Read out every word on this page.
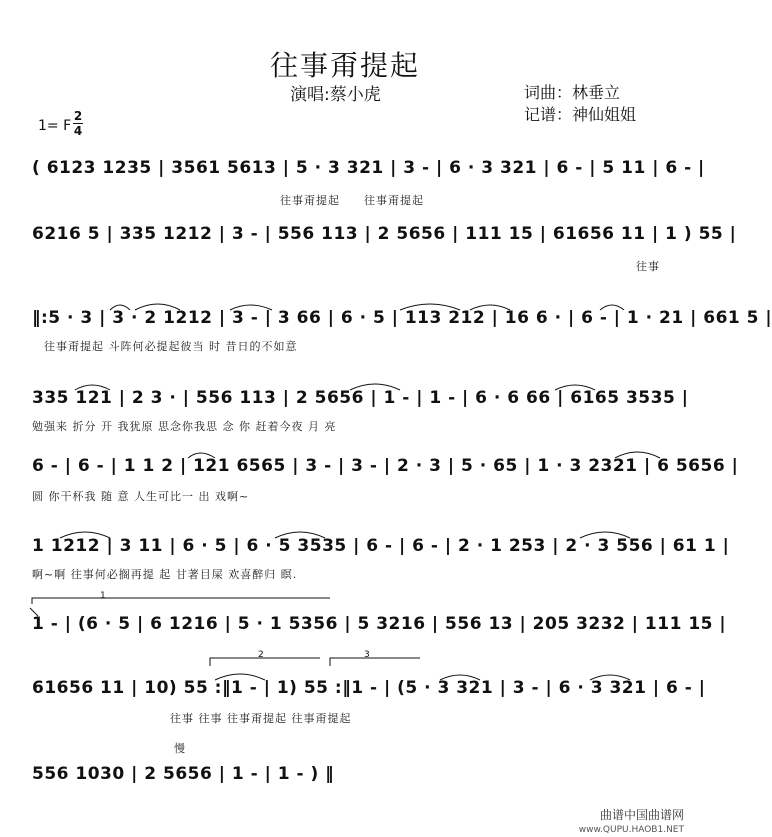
往事甭提起
演唱:蔡小虎	词曲：林垂立
记谱：神仙姐姐
1= F
2
4
( 6123 1235 | 3561 5613 | 5 · 3 321 | 3 - | 6 · 3 321 | 6 - | 5 11 | 6 - |
往事甭提起　　往事甭提起
6216 5 | 335 1212 | 3 - | 556 113 | 2 5656 | 111 15 | 61656 11 | 1 ) 55 |
往事
‖:5 · 3 | 3 · 2 1212 | 3 - | 3 66 | 6 · 5 | 113 212 | 16 6 · | 6 - | 1 · 21 | 661 5 |
往事甭提起 斗阵何必提起彼当 时 昔日的不如意
335 121 | 2 3 · | 556 113 | 2 5656 | 1 - | 1 - | 6 · 6 66 | 6165 3535 |
勉强来 折分 开 我犹原 思念你我思 念 你 赶着今夜 月 亮
6 - | 6 - | 1 1 2 | 121 6565 | 3 - | 3 - | 2 · 3 | 5 · 65 | 1 · 3 2321 | 6 5656 |
圆 你干杯我 随 意 人生可比一 出 戏啊~
1 1212 | 3 11 | 6 · 5 | 6 · 5 3535 | 6 - | 6 - | 2 · 1 253 | 2 · 3 556 | 61 1 |
啊~啊 往事何必搁再提 起 甘著目屎 欢喜醉归 瞑.
1
1 - | (6 · 5 | 6 1216 | 5 · 1 5356 | 5 3216 | 556 13 | 205 3232 | 111 15 |
2	3
61656 11 | 10) 55 :‖1 - | 1) 55 :‖1 - | (5 · 3 321 | 3 - | 6 · 3 321 | 6 - |
往事 往事 往事甭提起 往事甭提起
慢
556 1030 | 2 5656 | 1 - | 1 - ) ‖
曲谱中国曲谱网
www.QUPU.HAOB1.NET
